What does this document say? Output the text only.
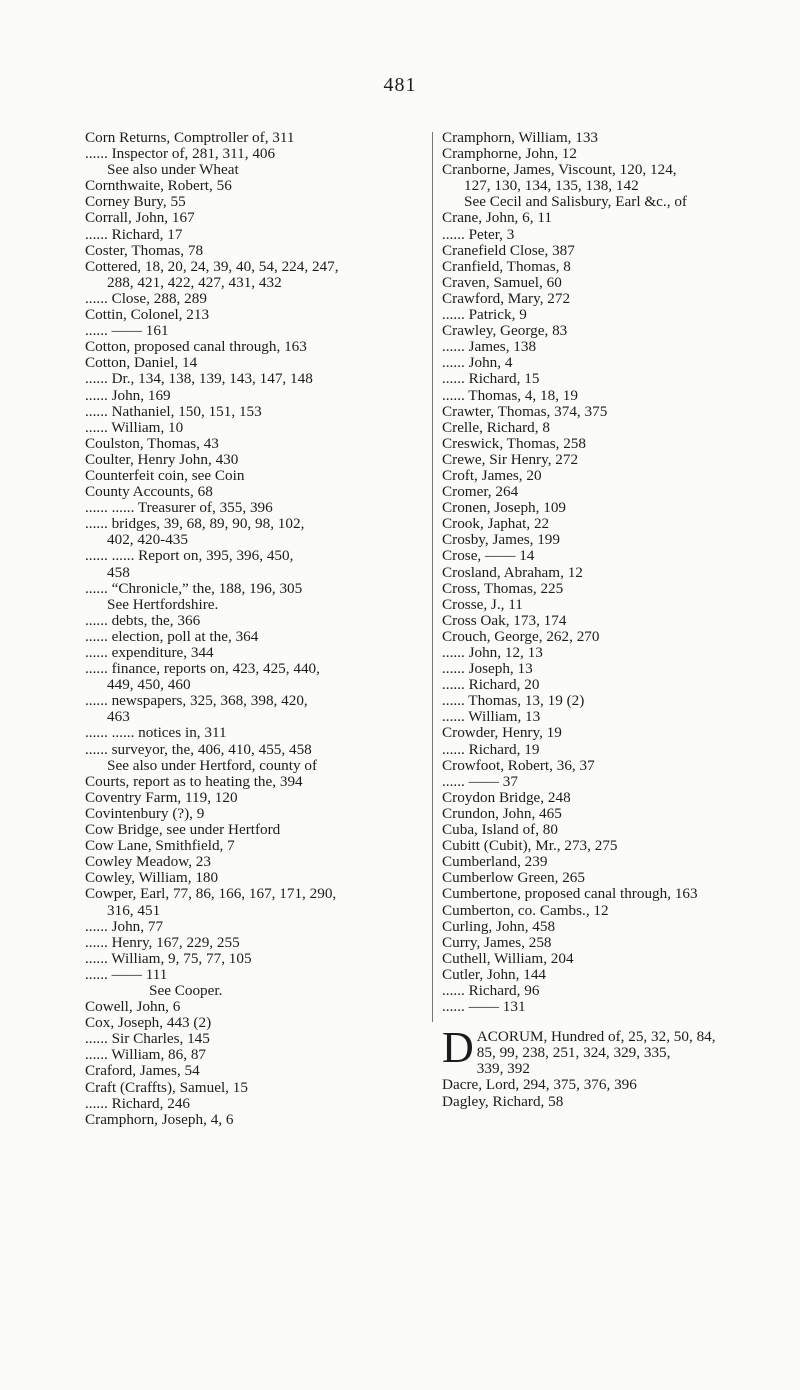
481
Corn Returns, Comptroller of, 311
...... Inspector of, 281, 311, 406
See also under Wheat
Cornthwaite, Robert, 56
Corney Bury, 55
Corrall, John, 167
...... Richard, 17
Coster, Thomas, 78
Cottered, 18, 20, 24, 39, 40, 54, 224, 247,
288, 421, 422, 427, 431, 432
...... Close, 288, 289
Cottin, Colonel, 213
...... —— 161
Cotton, proposed canal through, 163
Cotton, Daniel, 14
...... Dr., 134, 138, 139, 143, 147, 148
...... John, 169
...... Nathaniel, 150, 151, 153
...... William, 10
Coulston, Thomas, 43
Coulter, Henry John, 430
Counterfeit coin, see Coin
County Accounts, 68
...... ...... Treasurer of, 355, 396
...... bridges, 39, 68, 89, 90, 98, 102,
402, 420-435
...... ...... Report on, 395, 396, 450,
458
...... “Chronicle,” the, 188, 196, 305
See Hertfordshire.
...... debts, the, 366
...... election, poll at the, 364
...... expenditure, 344
...... finance, reports on, 423, 425, 440,
449, 450, 460
...... newspapers, 325, 368, 398, 420,
463
...... ...... notices in, 311
...... surveyor, the, 406, 410, 455, 458
See also under Hertford, county of
Courts, report as to heating the, 394
Coventry Farm, 119, 120
Covintenbury (?), 9
Cow Bridge, see under Hertford
Cow Lane, Smithfield, 7
Cowley Meadow, 23
Cowley, William, 180
Cowper, Earl, 77, 86, 166, 167, 171, 290,
316, 451
...... John, 77
...... Henry, 167, 229, 255
...... William, 9, 75, 77, 105
...... —— 111
See Cooper.
Cowell, John, 6
Cox, Joseph, 443 (2)
...... Sir Charles, 145
...... William, 86, 87
Craford, James, 54
Craft (Craffts), Samuel, 15
...... Richard, 246
Cramphorn, Joseph, 4, 6
Cramphorn, William, 133
Cramphorne, John, 12
Cranborne, James, Viscount, 120, 124,
127, 130, 134, 135, 138, 142
See Cecil and Salisbury, Earl &c., of
Crane, John, 6, 11
...... Peter, 3
Cranefield Close, 387
Cranfield, Thomas, 8
Craven, Samuel, 60
Crawford, Mary, 272
...... Patrick, 9
Crawley, George, 83
...... James, 138
...... John, 4
...... Richard, 15
...... Thomas, 4, 18, 19
Crawter, Thomas, 374, 375
Crelle, Richard, 8
Creswick, Thomas, 258
Crewe, Sir Henry, 272
Croft, James, 20
Cromer, 264
Cronen, Joseph, 109
Crook, Japhat, 22
Crosby, James, 199
Crose, —— 14
Crosland, Abraham, 12
Cross, Thomas, 225
Crosse, J., 11
Cross Oak, 173, 174
Crouch, George, 262, 270
...... John, 12, 13
...... Joseph, 13
...... Richard, 20
...... Thomas, 13, 19 (2)
...... William, 13
Crowder, Henry, 19
...... Richard, 19
Crowfoot, Robert, 36, 37
...... —— 37
Croydon Bridge, 248
Crundon, John, 465
Cuba, Island of, 80
Cubitt (Cubit), Mr., 273, 275
Cumberland, 239
Cumberlow Green, 265
Cumbertone, proposed canal through, 163
Cumberton, co. Cambs., 12
Curling, John, 458
Curry, James, 258
Cuthell, William, 204
Cutler, John, 144
...... Richard, 96
...... —— 131
D ACORUM, Hundred of, 25, 32, 50, 84,
85, 99, 238, 251, 324, 329, 335,
339, 392
Dacre, Lord, 294, 375, 376, 396
Dagley, Richard, 58
